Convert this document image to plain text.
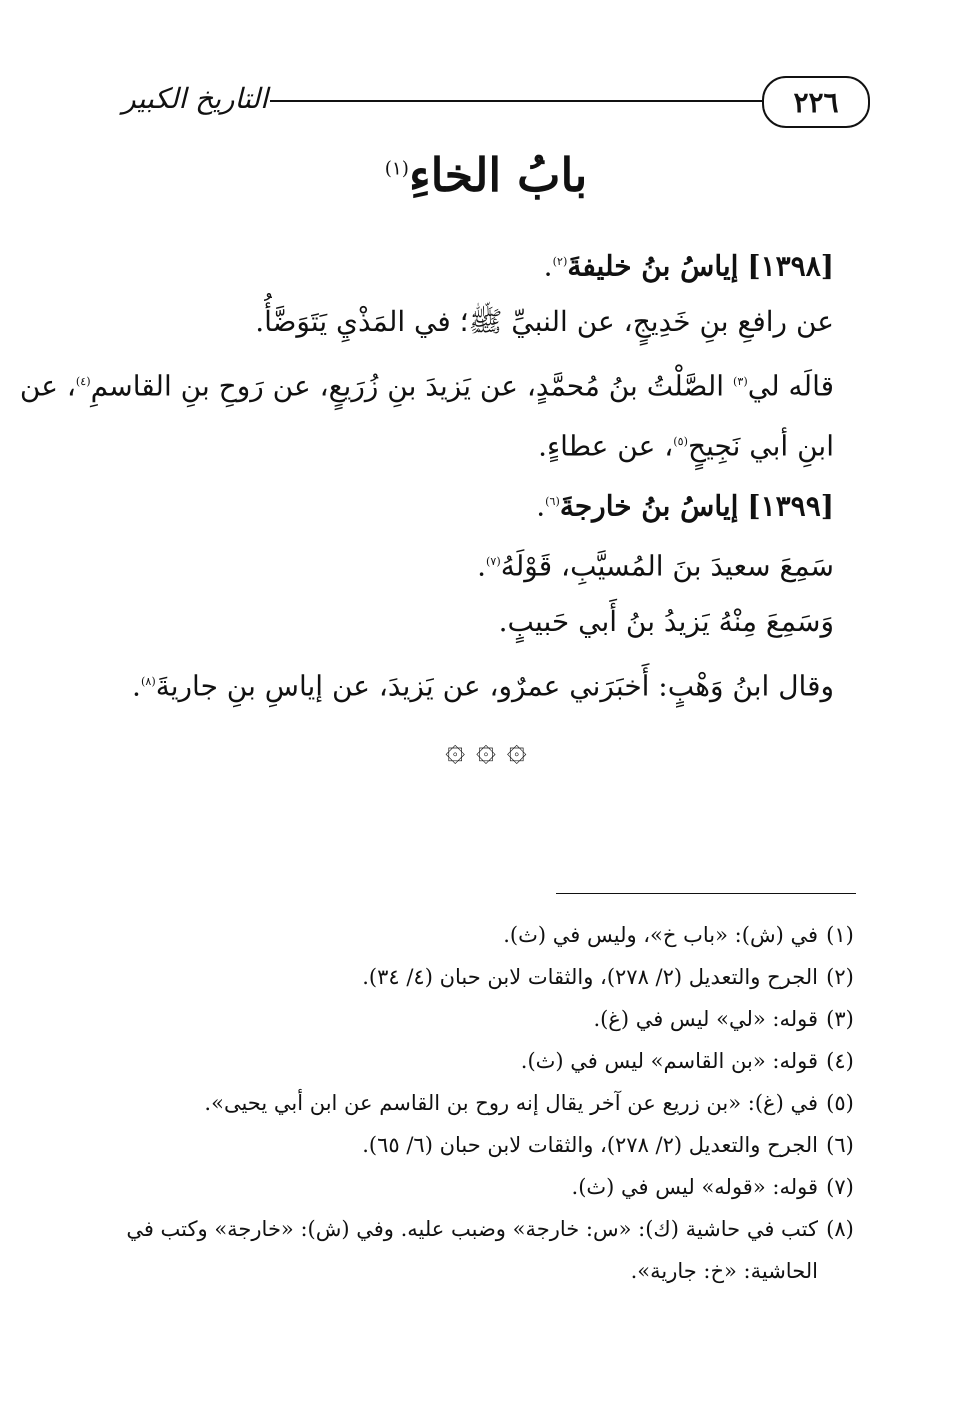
٢٢٦
التاريخ الكبير
بابُ الخاءِ$^{(١)}$
[١٣٩٨] إياسُ بنُ خليفةَ$^{(٢)}$.
عن رافعِ بنِ خَدِيجٍ، عن النبيِّ ﷺ؛ في المَذْيِ يَتَوَضَّأُ.
قالَه لي$^{(٣)}$ الصَّلْتُ بنُ مُحمَّدٍ، عن يَزيدَ بنِ زُرَيعٍ، عن رَوحِ بنِ القاسمِ$^{(٤)}$، عن
ابنِ أبي نَجِيحٍ$^{(٥)}$، عن عطاءٍ.
[١٣٩٩] إياسُ بنُ خارجةَ$^{(٦)}$.
سَمِعَ سعيدَ بنَ المُسيَّبِ، قَوْلَهُ$^{(٧)}$.
وَسَمِعَ مِنْهُ يَزيدُ بنُ أَبي حَبيبٍ.
وقال ابنُ وَهْبٍ: أَخبَرَني عمرٌو، عن يَزيدَ، عن إياسِ بنِ جاريةَ$^{(٨)}$.
۞ ۞ ۞
(١)في (ش): «باب خ»، وليس في (ث).
(٢)الجرح والتعديل (٢/ ٢٧٨)، والثقات لابن حبان (٤/ ٣٤).
(٣)قوله: «لي» ليس في (غ).
(٤)قوله: «بن القاسم» ليس في (ث).
(٥)في (غ): «بن زريع عن آخر يقال إنه روح بن القاسم عن ابن أبي يحيى».
(٦)الجرح والتعديل (٢/ ٢٧٨)، والثقات لابن حبان (٦/ ٦٥).
(٧)قوله: «قوله» ليس في (ث).
(٨)كتب في حاشية (ك): «س: خارجة» وضبب عليه. وفي (ش): «خارجة» وكتب في
الحاشية: «خ: جارية».
